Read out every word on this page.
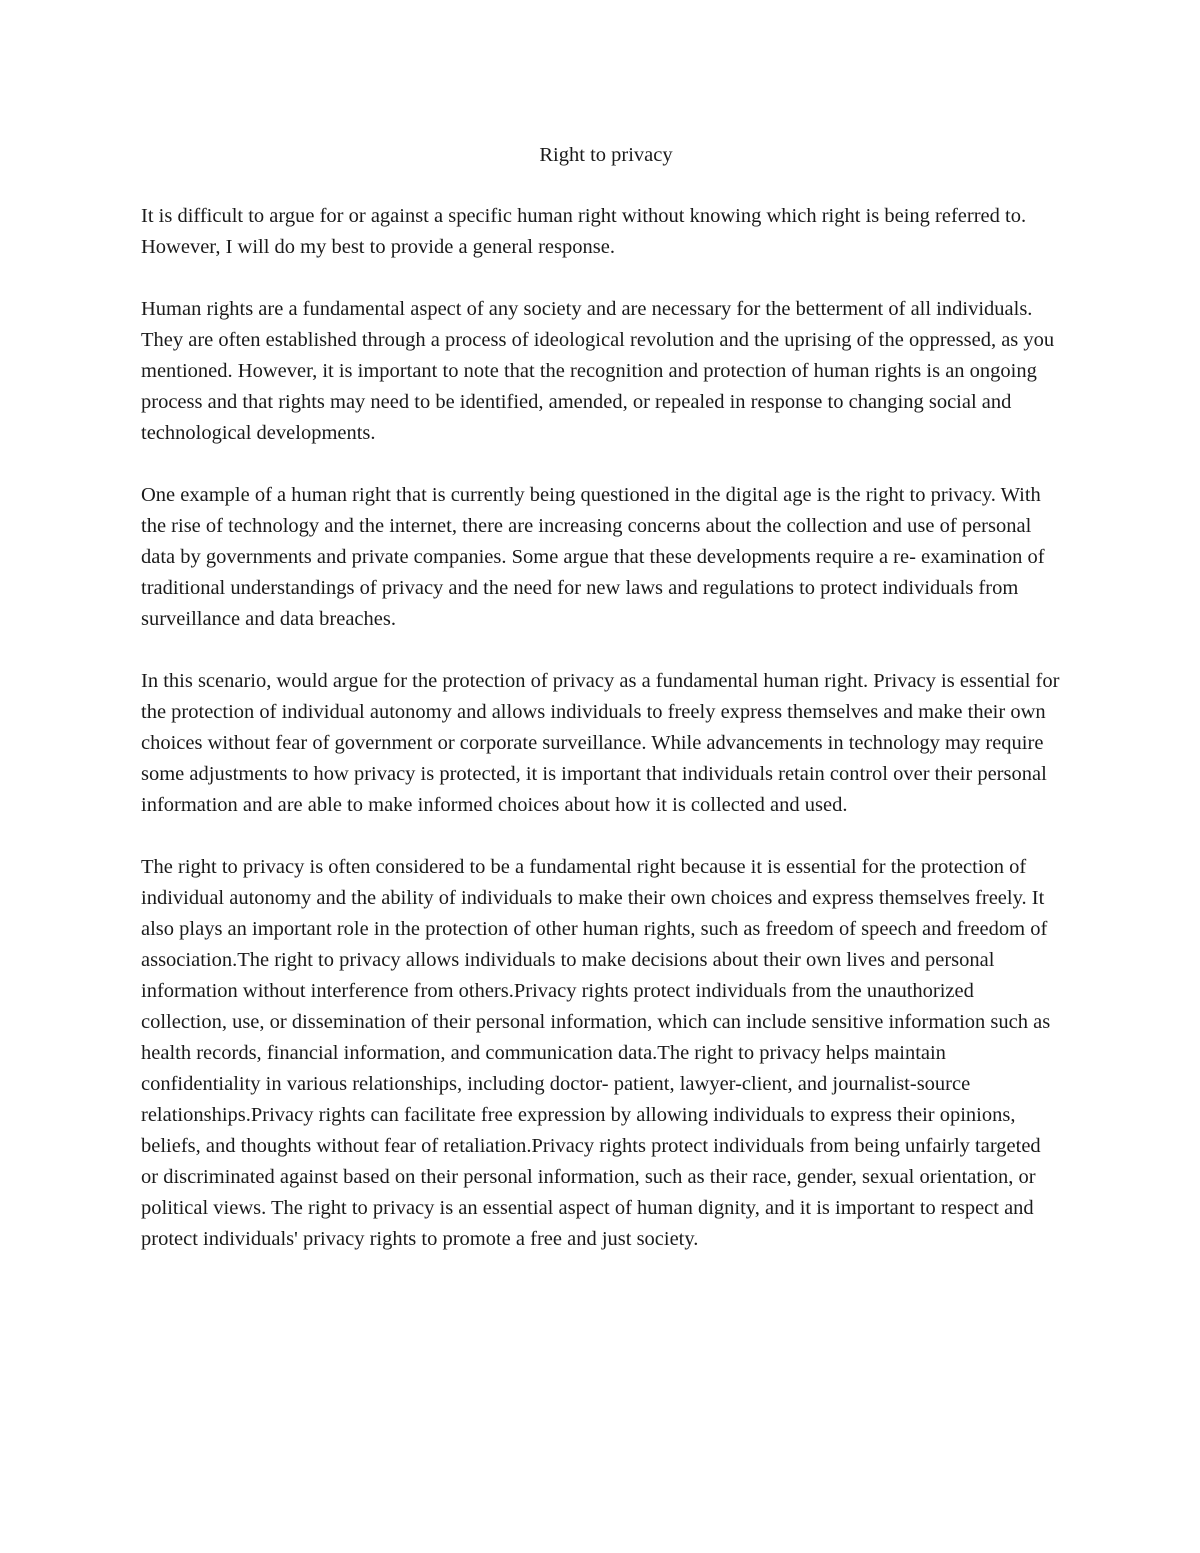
Right to privacy

It is difficult to argue for or against a specific human right without knowing which right is being referred to. However, I will do my best to provide a general response.

Human rights are a fundamental aspect of any society and are necessary for the betterment of all individuals. They are often established through a process of ideological revolution and the uprising of the oppressed, as you mentioned. However, it is important to note that the recognition and protection of human rights is an ongoing process and that rights may need to be identified, amended, or repealed in response to changing social and technological developments.

One example of a human right that is currently being questioned in the digital age is the right to privacy. With the rise of technology and the internet, there are increasing concerns about the collection and use of personal data by governments and private companies. Some argue that these developments require a re- examination of traditional understandings of privacy and the need for new laws and regulations to protect individuals from surveillance and data breaches.

In this scenario, would argue for the protection of privacy as a fundamental human right. Privacy is essential for the protection of individual autonomy and allows individuals to freely express themselves and make their own choices without fear of government or corporate surveillance. While advancements in technology may require some adjustments to how privacy is protected, it is important that individuals retain control over their personal information and are able to make informed choices about how it is collected and used.

The right to privacy is often considered to be a fundamental right because it is essential for the protection of individual autonomy and the ability of individuals to make their own choices and express themselves freely. It also plays an important role in the protection of other human rights, such as freedom of speech and freedom of association.The right to privacy allows individuals to make decisions about their own lives and personal information without interference from others.Privacy rights protect individuals from the unauthorized collection, use, or dissemination of their personal information, which can include sensitive information such as health records, financial information, and communication data.The right to privacy helps maintain confidentiality in various relationships, including doctor- patient, lawyer-client, and journalist-source relationships.Privacy rights can facilitate free expression by allowing individuals to express their opinions, beliefs, and thoughts without fear of retaliation.Privacy rights protect individuals from being unfairly targeted or discriminated against based on their personal information, such as their race, gender, sexual orientation, or political views. The right to privacy is an essential aspect of human dignity, and it is important to respect and protect individuals' privacy rights to promote a free and just society.
